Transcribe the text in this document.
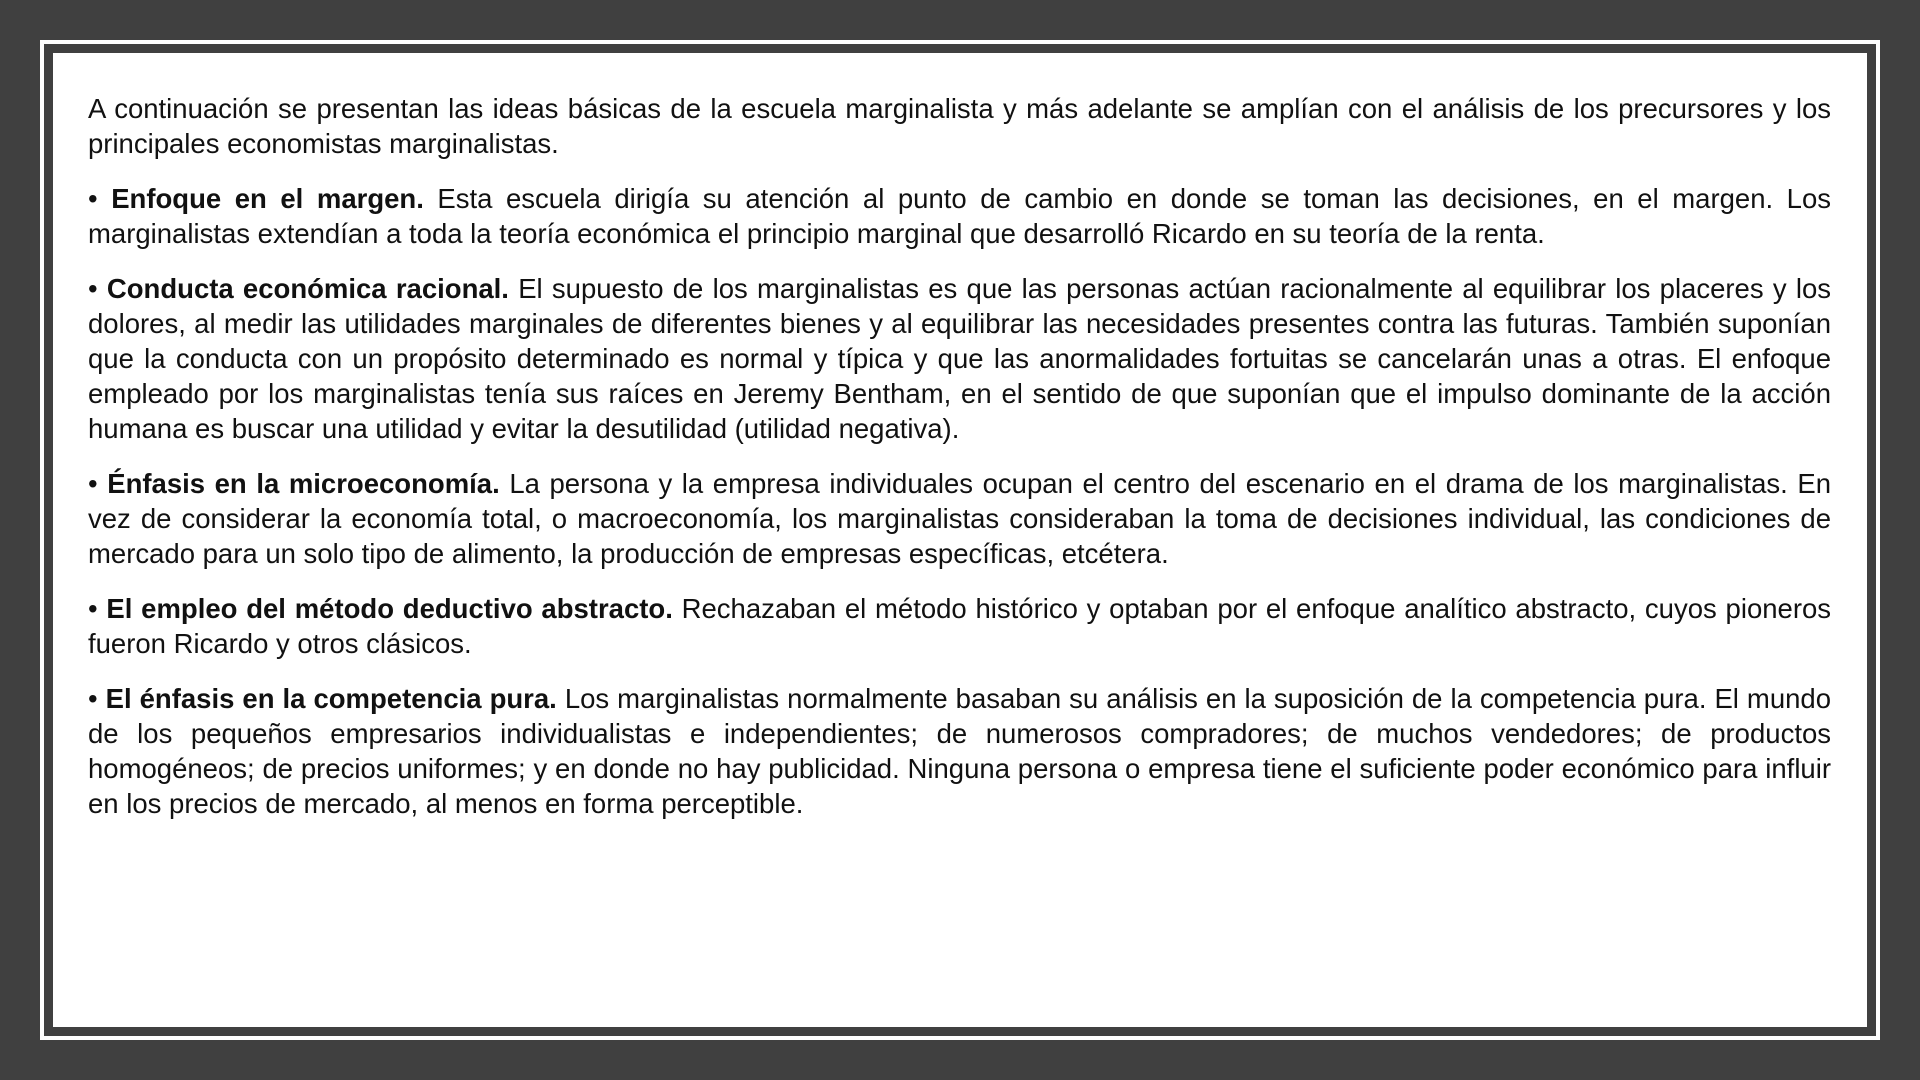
A continuación se presentan las ideas básicas de la escuela marginalista y más adelante se amplían con el análisis de los precursores y los principales economistas marginalistas.

• Enfoque en el margen. Esta escuela dirigía su atención al punto de cambio en donde se toman las decisiones, en el margen. Los marginalistas extendían a toda la teoría económica el principio marginal que desarrolló Ricardo en su teoría de la renta.

• Conducta económica racional. El supuesto de los marginalistas es que las personas actúan racionalmente al equilibrar los placeres y los dolores, al medir las utilidades marginales de diferentes bienes y al equilibrar las necesidades presentes contra las futuras. También suponían que la conducta con un propósito determinado es normal y típica y que las anormalidades fortuitas se cancelarán unas a otras. El enfoque empleado por los marginalistas tenía sus raíces en Jeremy Bentham, en el sentido de que suponían que el impulso dominante de la acción humana es buscar una utilidad y evitar la desutilidad (utilidad negativa).

• Énfasis en la microeconomía. La persona y la empresa individuales ocupan el centro del escenario en el drama de los marginalistas. En vez de considerar la economía total, o macroeconomía, los marginalistas consideraban la toma de decisiones individual, las condiciones de mercado para un solo tipo de alimento, la producción de empresas específicas, etcétera.

• El empleo del método deductivo abstracto. Rechazaban el método histórico y optaban por el enfoque analítico abstracto, cuyos pioneros fueron Ricardo y otros clásicos.

• El énfasis en la competencia pura. Los marginalistas normalmente basaban su análisis en la suposición de la competencia pura. El mundo de los pequeños empresarios individualistas e independientes; de numerosos compradores; de muchos vendedores; de productos homogéneos; de precios uniformes; y en donde no hay publicidad. Ninguna persona o empresa tiene el suficiente poder económico para influir en los precios de mercado, al menos en forma perceptible.
